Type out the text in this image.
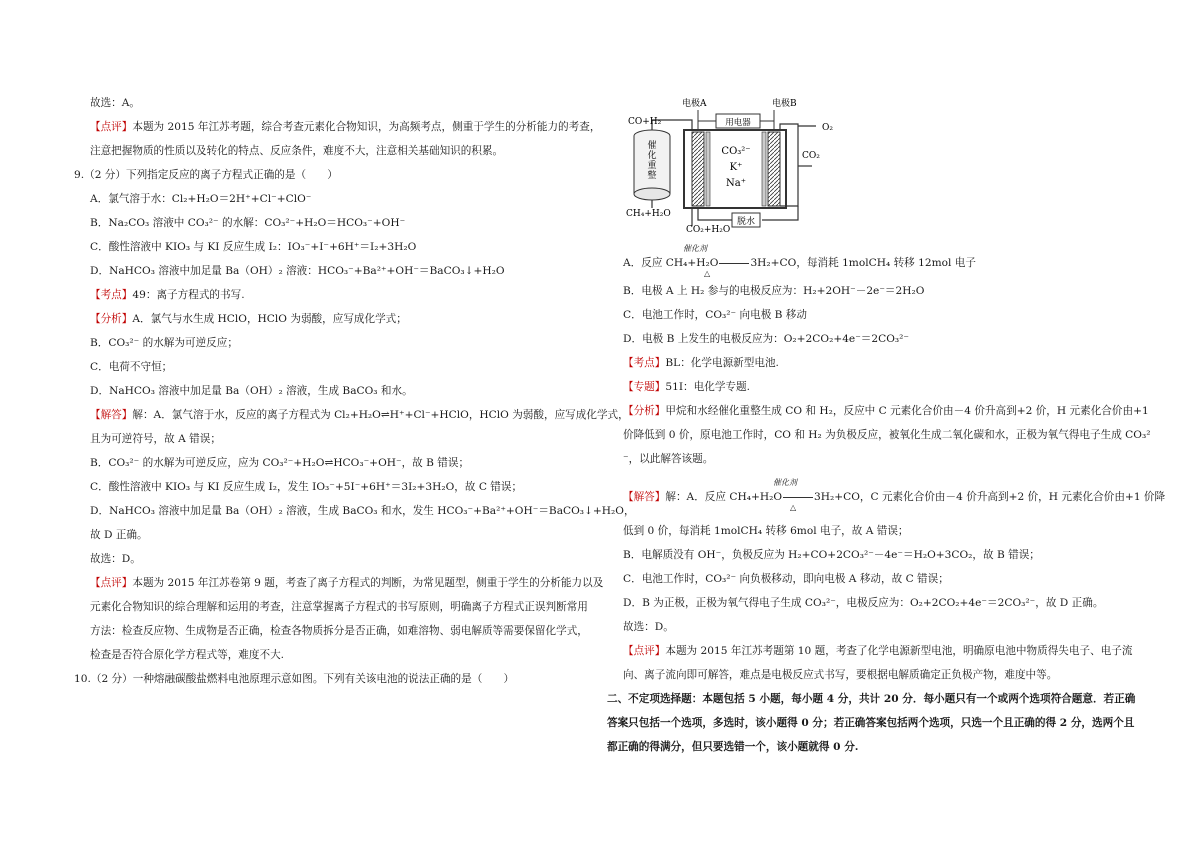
故选：A。
【点评】本题为 2015 年江苏考题，综合考查元素化合物知识，为高频考点，侧重于学生的分析能力的考查，
注意把握物质的性质以及转化的特点、反应条件，难度不大，注意相关基础知识的积累。
9.（2 分）下列指定反应的离子方程式正确的是（　　）
A．氯气溶于水：Cl₂+H₂O＝2H⁺+Cl⁻+ClO⁻
B．Na₂CO₃ 溶液中 CO₃²⁻ 的水解：CO₃²⁻+H₂O＝HCO₃⁻+OH⁻
C．酸性溶液中 KIO₃ 与 KI 反应生成 I₂：IO₃⁻+I⁻+6H⁺＝I₂+3H₂O
D．NaHCO₃ 溶液中加足量 Ba（OH）₂ 溶液：HCO₃⁻+Ba²⁺+OH⁻＝BaCO₃↓+H₂O
【考点】49：离子方程式的书写.
【分析】A．氯气与水生成 HClO，HClO 为弱酸，应写成化学式；
B．CO₃²⁻ 的水解为可逆反应；
C．电荷不守恒；
D．NaHCO₃ 溶液中加足量 Ba（OH）₂ 溶液，生成 BaCO₃ 和水。
【解答】解：A．氯气溶于水，反应的离子方程式为 Cl₂+H₂O⇌H⁺+Cl⁻+HClO，HClO 为弱酸，应写成化学式，
且为可逆符号，故 A 错误；
B．CO₃²⁻ 的水解为可逆反应，应为 CO₃²⁻+H₂O⇌HCO₃⁻+OH⁻，故 B 错误；
C．酸性溶液中 KIO₃ 与 KI 反应生成 I₂，发生 IO₃⁻+5I⁻+6H⁺＝3I₂+3H₂O，故 C 错误；
D．NaHCO₃ 溶液中加足量 Ba（OH）₂ 溶液，生成 BaCO₃ 和水，发生 HCO₃⁻+Ba²⁺+OH⁻＝BaCO₃↓+H₂O，
故 D 正确。
故选：D。
【点评】本题为 2015 年江苏卷第 9 题，考查了离子方程式的判断，为常见题型，侧重于学生的分析能力以及
元素化合物知识的综合理解和运用的考查，注意掌握离子方程式的书写原则，明确离子方程式正误判断常用
方法：检查反应物、生成物是否正确，检查各物质拆分是否正确，如难溶物、弱电解质等需要保留化学式，
检查是否符合原化学方程式等，难度不大.
10.（2 分）一种熔融碳酸盐燃料电池原理示意如图。下列有关该电池的说法正确的是（　　）
催化重整
脱水
电极A	电极B
用电器
CO+H₂
O₂
CO₂
CO₃²⁻
K⁺
Na⁺
CH₄+H₂O
CO₂+H₂O
催化剂
A．反应 CH₄+H₂O	3H₂+CO，每消耗 1molCH₄ 转移 12mol 电子
△
B．电极 A 上 H₂ 参与的电极反应为：H₂+2OH⁻－2e⁻＝2H₂O
C．电池工作时，CO₃²⁻ 向电极 B 移动
D．电极 B 上发生的电极反应为：O₂+2CO₂+4e⁻＝2CO₃²⁻
【考点】BL：化学电源新型电池.
【专题】51I：电化学专题.
【分析】甲烷和水经催化重整生成 CO 和 H₂，反应中 C 元素化合价由－4 价升高到+2 价，H 元素化合价由+1
价降低到 0 价，原电池工作时，CO 和 H₂ 为负极反应，被氧化生成二氧化碳和水，正极为氧气得电子生成 CO₃²
⁻，以此解答该题。
催化剂
【解答】解：A．反应 CH₄+H₂O	3H₂+CO，C 元素化合价由－4 价升高到+2 价，H 元素化合价由+1 价降
△
低到 0 价，每消耗 1molCH₄ 转移 6mol 电子，故 A 错误；
B．电解质没有 OH⁻，负极反应为 H₂+CO+2CO₃²⁻－4e⁻＝H₂O+3CO₂，故 B 错误；
C．电池工作时，CO₃²⁻ 向负极移动，即向电极 A 移动，故 C 错误；
D．B 为正极，正极为氧气得电子生成 CO₃²⁻，电极反应为：O₂+2CO₂+4e⁻＝2CO₃²⁻，故 D 正确。
故选：D。
【点评】本题为 2015 年江苏考题第 10 题，考查了化学电源新型电池，明确原电池中物质得失电子、电子流
向、离子流向即可解答，难点是电极反应式书写，要根据电解质确定正负极产物，难度中等。
二、不定项选择题：本题包括 5 小题，每小题 4 分，共计 20 分．每小题只有一个或两个选项符合题意．若正确
答案只包括一个选项，多选时，该小题得 0 分；若正确答案包括两个选项，只选一个且正确的得 2 分，选两个且
都正确的得满分，但只要选错一个，该小题就得 0 分.
